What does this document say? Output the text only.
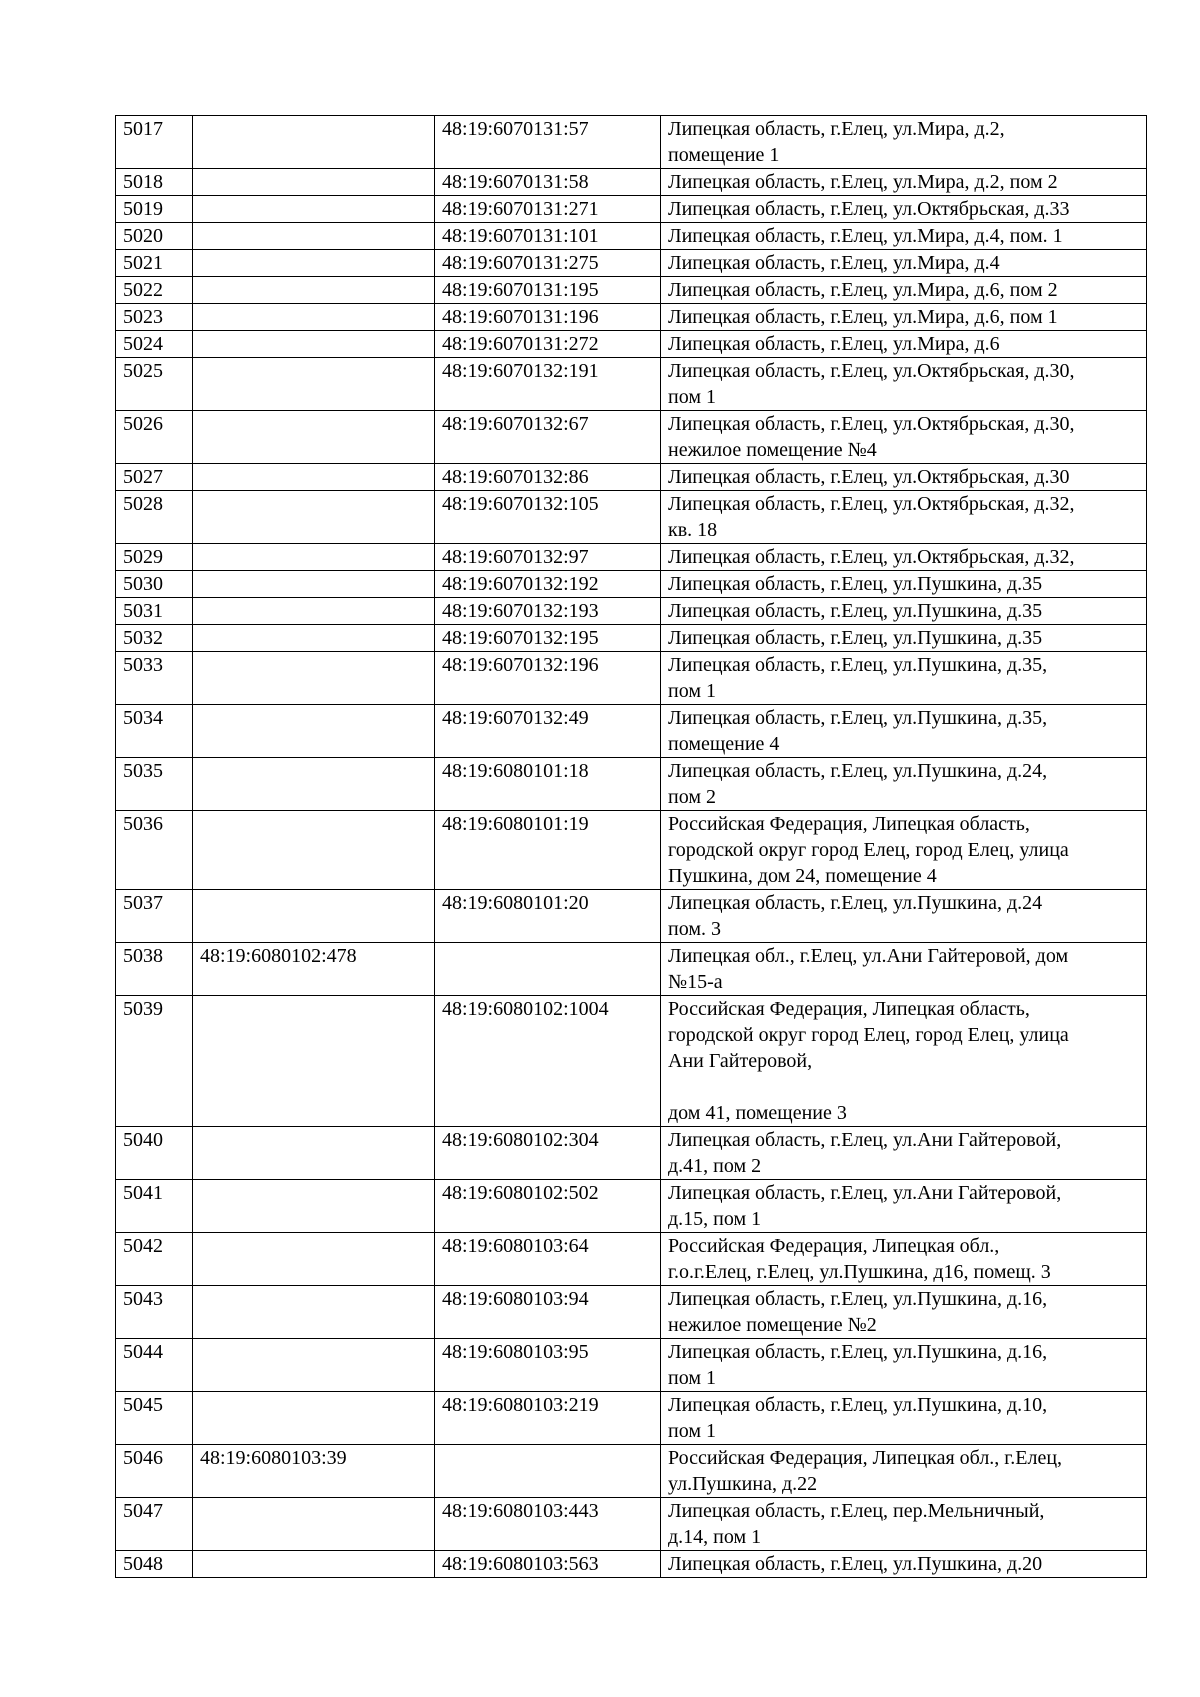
5017		48:19:6070131:57	Липецкая область, г.Елец, ул.Мира, д.2,
помещение 1
5018		48:19:6070131:58	Липецкая область, г.Елец, ул.Мира, д.2, пом 2
5019		48:19:6070131:271	Липецкая область, г.Елец, ул.Октябрьская, д.33
5020		48:19:6070131:101	Липецкая область, г.Елец, ул.Мира, д.4, пом. 1
5021		48:19:6070131:275	Липецкая область, г.Елец, ул.Мира, д.4
5022		48:19:6070131:195	Липецкая область, г.Елец, ул.Мира, д.6, пом 2
5023		48:19:6070131:196	Липецкая область, г.Елец, ул.Мира, д.6, пом 1
5024		48:19:6070131:272	Липецкая область, г.Елец, ул.Мира, д.6
5025		48:19:6070132:191	Липецкая область, г.Елец, ул.Октябрьская, д.30,
пом 1
5026		48:19:6070132:67	Липецкая область, г.Елец, ул.Октябрьская, д.30,
нежилое помещение №4
5027		48:19:6070132:86	Липецкая область, г.Елец, ул.Октябрьская, д.30
5028		48:19:6070132:105	Липецкая область, г.Елец, ул.Октябрьская, д.32,
кв. 18
5029		48:19:6070132:97	Липецкая область, г.Елец, ул.Октябрьская, д.32,
5030		48:19:6070132:192	Липецкая область, г.Елец, ул.Пушкина, д.35
5031		48:19:6070132:193	Липецкая область, г.Елец, ул.Пушкина, д.35
5032		48:19:6070132:195	Липецкая область, г.Елец, ул.Пушкина, д.35
5033		48:19:6070132:196	Липецкая область, г.Елец, ул.Пушкина, д.35,
пом 1
5034		48:19:6070132:49	Липецкая область, г.Елец, ул.Пушкина, д.35,
помещение 4
5035		48:19:6080101:18	Липецкая область, г.Елец, ул.Пушкина, д.24,
пом 2
5036		48:19:6080101:19	Российская Федерация, Липецкая область,
городской округ город Елец, город Елец, улица
Пушкина, дом 24, помещение 4
5037		48:19:6080101:20	Липецкая область, г.Елец, ул.Пушкина, д.24
пом. 3
5038	48:19:6080102:478		Липецкая обл., г.Елец, ул.Ани Гайтеровой, дом
№15-а
5039		48:19:6080102:1004	Российская Федерация, Липецкая область,
городской округ город Елец, город Елец, улица
Ани Гайтеровой,

дом 41, помещение 3
5040		48:19:6080102:304	Липецкая область, г.Елец, ул.Ани Гайтеровой,
д.41, пом 2
5041		48:19:6080102:502	Липецкая область, г.Елец, ул.Ани Гайтеровой,
д.15, пом 1
5042		48:19:6080103:64	Российская Федерация, Липецкая обл.,
г.о.г.Елец, г.Елец, ул.Пушкина, д16, помещ. 3
5043		48:19:6080103:94	Липецкая область, г.Елец, ул.Пушкина, д.16,
нежилое помещение №2
5044		48:19:6080103:95	Липецкая область, г.Елец, ул.Пушкина, д.16,
пом 1
5045		48:19:6080103:219	Липецкая область, г.Елец, ул.Пушкина, д.10,
пом 1
5046	48:19:6080103:39		Российская Федерация, Липецкая обл., г.Елец,
ул.Пушкина, д.22
5047		48:19:6080103:443	Липецкая область, г.Елец, пер.Мельничный,
д.14, пом 1
5048		48:19:6080103:563	Липецкая область, г.Елец, ул.Пушкина, д.20
